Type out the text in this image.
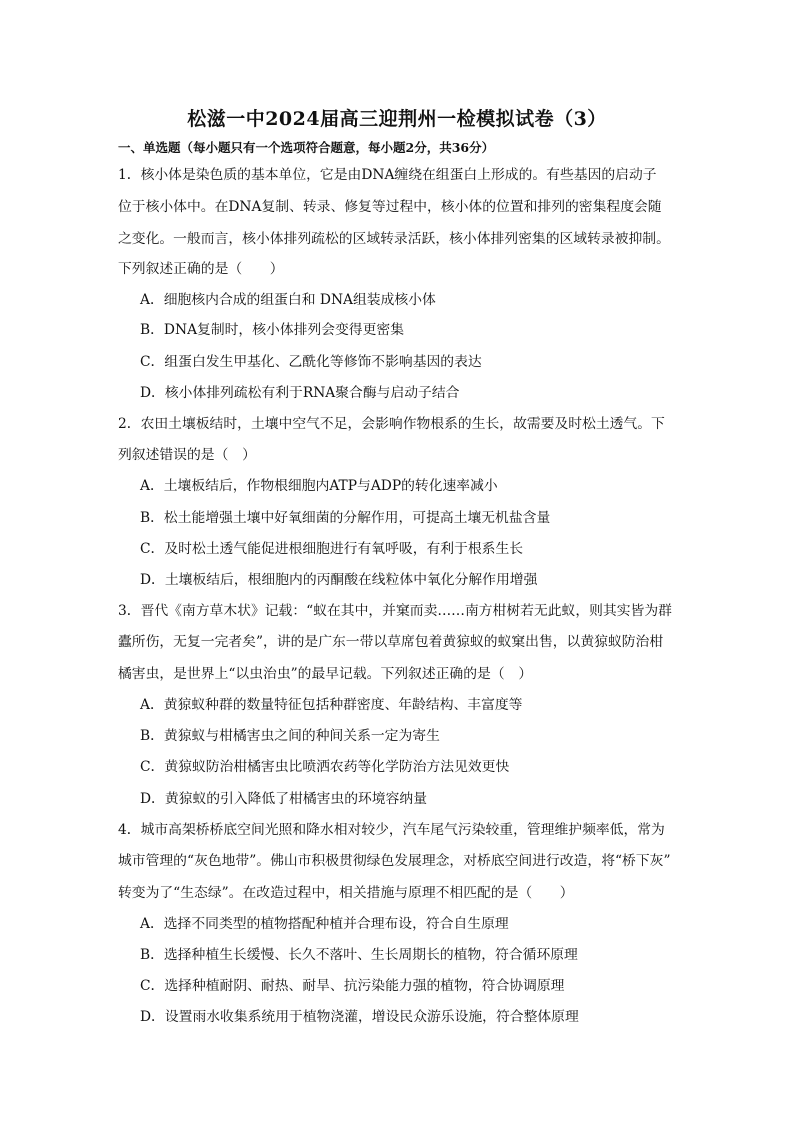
松滋一中2024届高三迎荆州一检模拟试卷（3）
一、单选题（每小题只有一个选项符合题意，每小题2分，共36分）
1．核小体是染色质的基本单位，它是由DNA缠绕在组蛋白上形成的。有些基因的启动子
位于核小体中。在DNA复制、转录、修复等过程中，核小体的位置和排列的密集程度会随
之变化。一般而言，核小体排列疏松的区域转录活跃，核小体排列密集的区域转录被抑制。
下列叙述正确的是（　　）
A．细胞核内合成的组蛋白和 DNA组装成核小体
B．DNA复制时，核小体排列会变得更密集
C．组蛋白发生甲基化、乙酰化等修饰不影响基因的表达
D．核小体排列疏松有利于RNA聚合酶与启动子结合
2．农田土壤板结时，土壤中空气不足，会影响作物根系的生长，故需要及时松土透气。下
列叙述错误的是（　）
A．土壤板结后，作物根细胞内ATP与ADP的转化速率减小
B．松土能增强土壤中好氧细菌的分解作用，可提高土壤无机盐含量
C．及时松土透气能促进根细胞进行有氧呼吸，有利于根系生长
D．土壤板结后，根细胞内的丙酮酸在线粒体中氧化分解作用增强
3．晋代《南方草木状》记载：“蚁在其中，并窠而卖……南方柑树若无此蚁，则其实皆为群
蠹所伤，无复一完者矣”，讲的是广东一带以草席包着黄猄蚁的蚁窠出售，以黄猄蚁防治柑
橘害虫，是世界上“以虫治虫”的最早记载。下列叙述正确的是（　）
A．黄猄蚁种群的数量特征包括种群密度、年龄结构、丰富度等
B．黄猄蚁与柑橘害虫之间的种间关系一定为寄生
C．黄猄蚁防治柑橘害虫比喷洒农药等化学防治方法见效更快
D．黄猄蚁的引入降低了柑橘害虫的环境容纳量
4．城市高架桥桥底空间光照和降水相对较少，汽车尾气污染较重，管理维护频率低，常为
城市管理的“灰色地带”。佛山市积极贯彻绿色发展理念，对桥底空间进行改造，将“桥下灰”
转变为了“生态绿”。在改造过程中，相关措施与原理不相匹配的是（　　）
A．选择不同类型的植物搭配种植并合理布设，符合自生原理
B．选择种植生长缓慢、长久不落叶、生长周期长的植物，符合循环原理
C．选择种植耐阴、耐热、耐旱、抗污染能力强的植物，符合协调原理
D．设置雨水收集系统用于植物浇灌，增设民众游乐设施，符合整体原理
